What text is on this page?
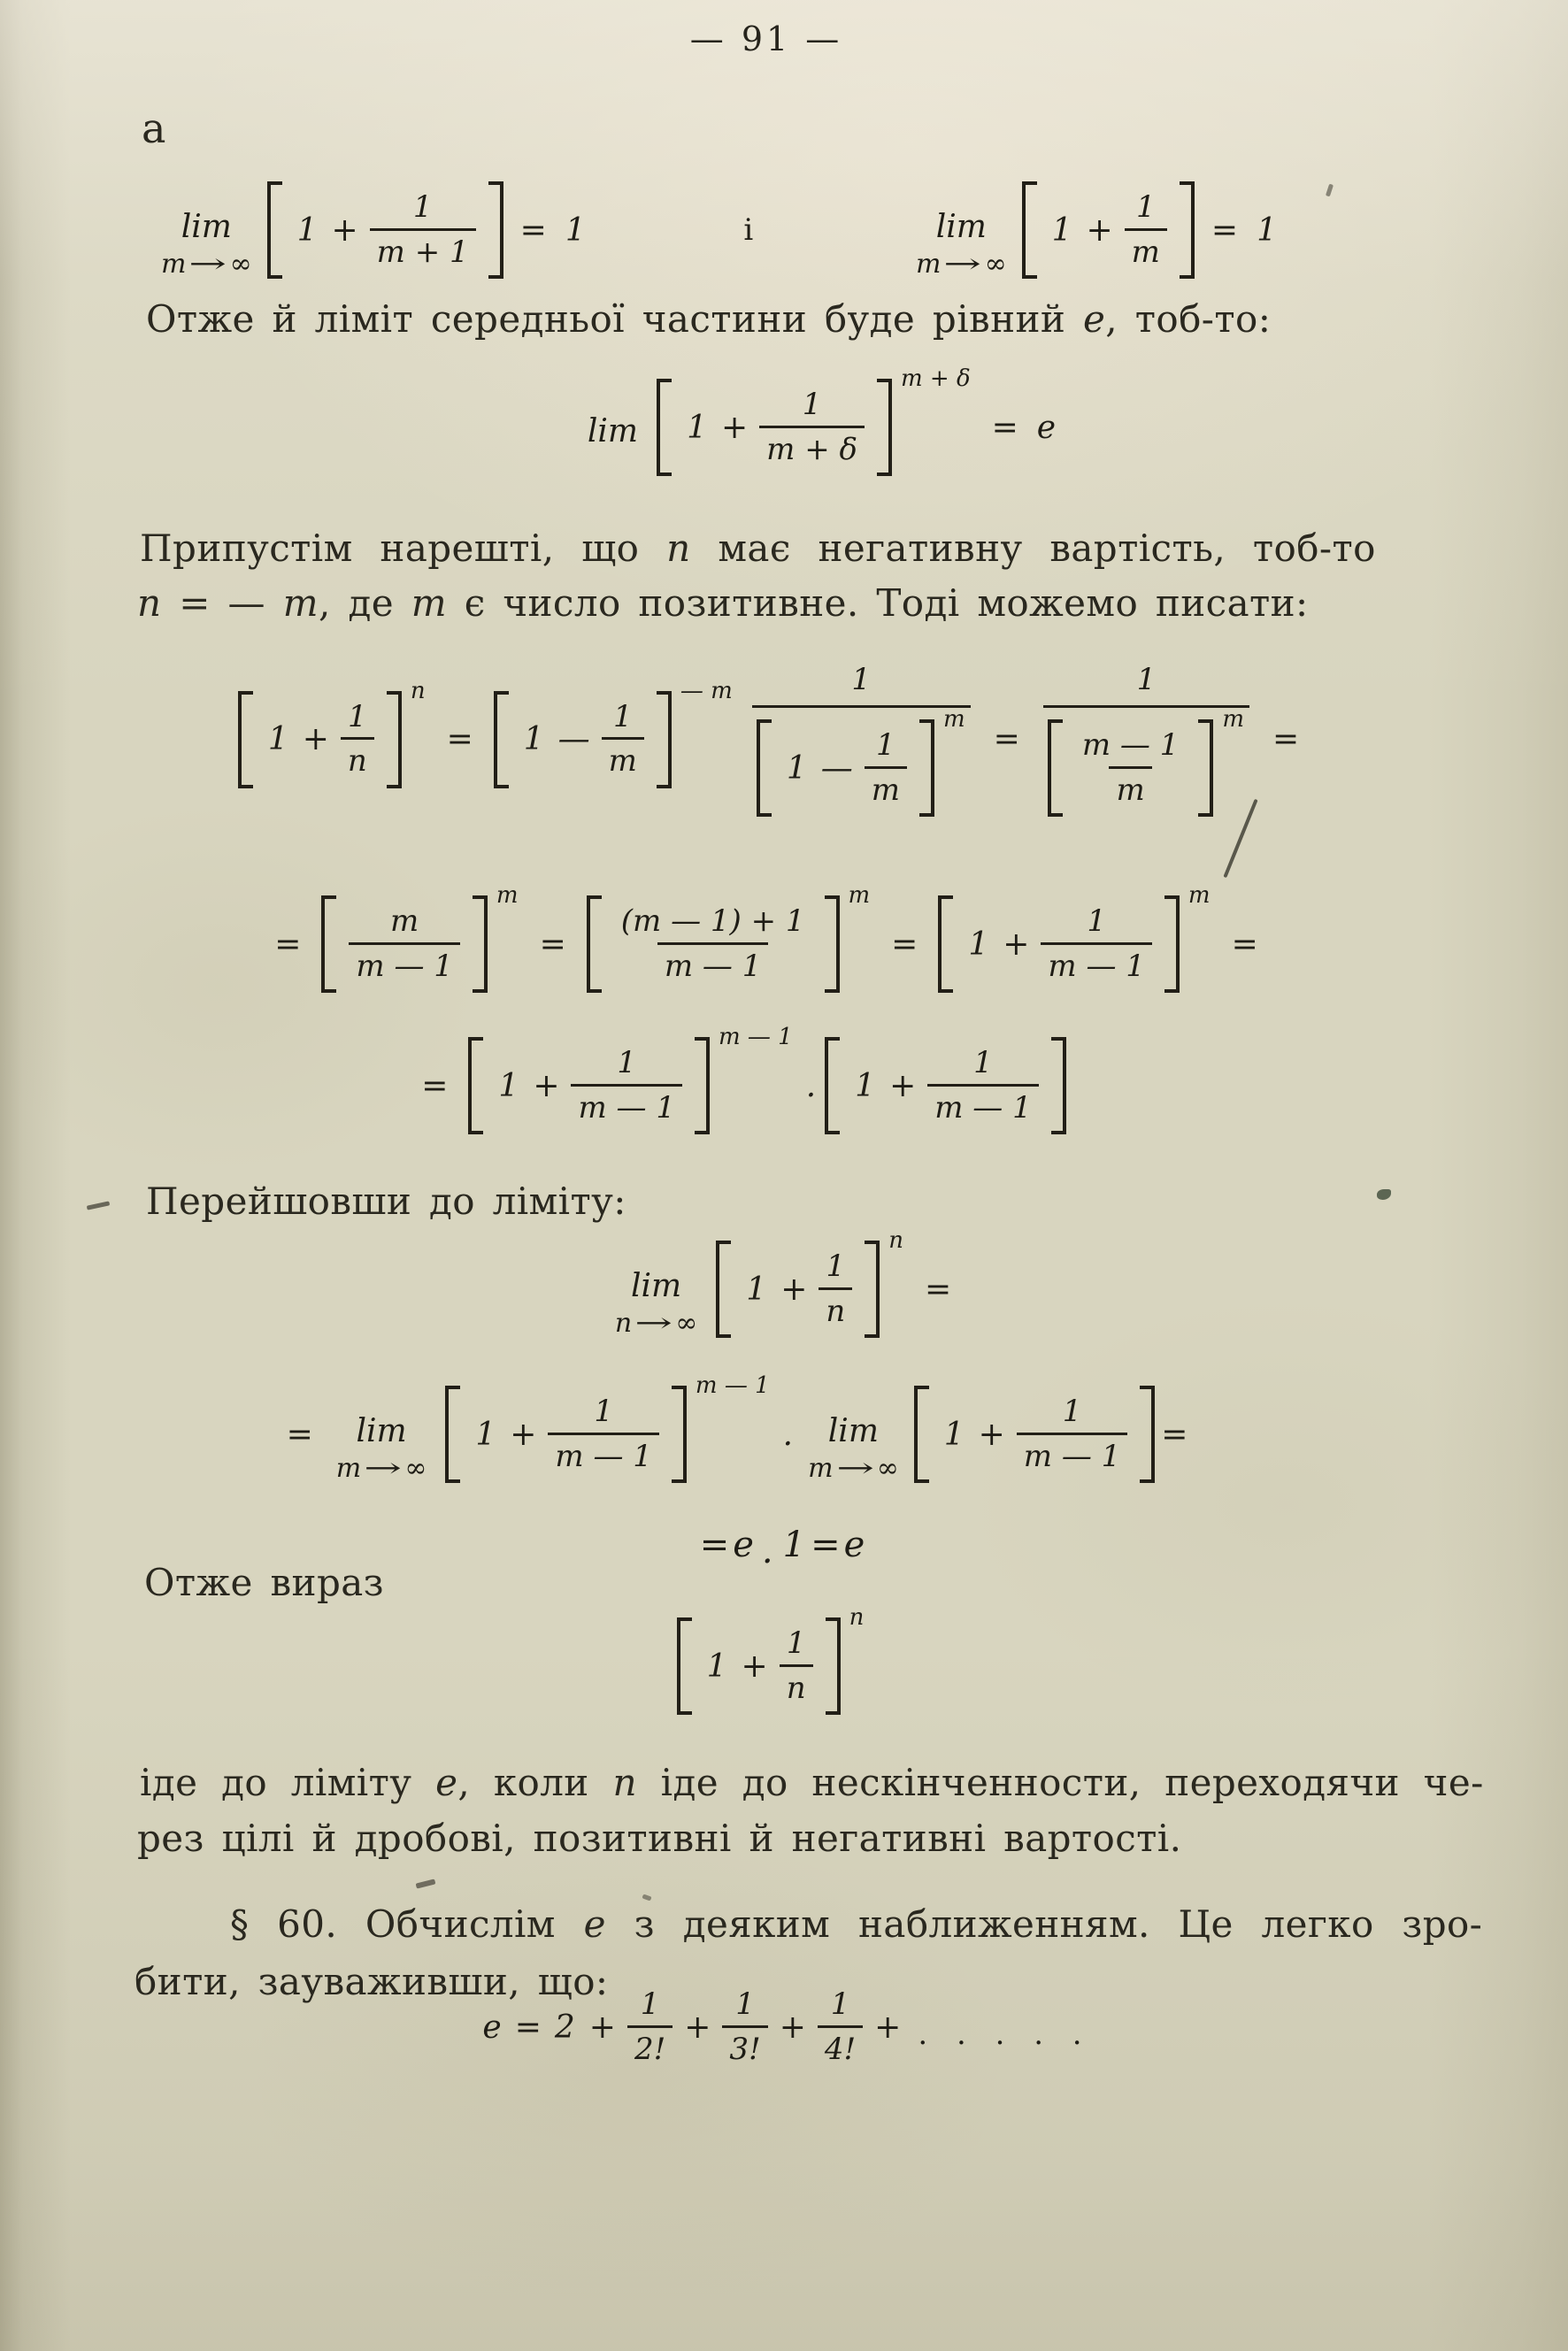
— 91 —
а
lim
m → ∞
$1 + \frac{1}{m + 1} = 1$	і	lim
m → ∞
$1 + \frac{1}{m} = 1$
Отже й ліміт середньої частини буде рівний е, тоб-то:
$\lim 1 + \frac{1}{m + \delta}$
m + δ
= e
Припустім нарешті, що n має негативну вартість, тоб-то
n = — m, де m є число позитивне. Тоді можемо писати:
$1 + \frac{1}{n}$
n
= 1 — $\frac{1}{m}$
— m	1
1 — $\frac{1}{m}$
m
= 1
$\frac{m — 1}{m}$
m =
= $\frac{m}{m — 1}$
m
= $\frac{(m — 1) + 1}{m — 1}$
m
= $1 + \frac{1}{m — 1}$
m
=
= $1 + \frac{1}{m — 1}$
m — 1
· $1 + \frac{1}{m — 1}$
Перейшовши до ліміту:
lim
n → ∞
$1 + \frac{1}{n}$
n
=
= lim
m → ∞
$1 + \frac{1}{m — 1}$
m — 1
· lim
m → ∞
$1 + \frac{1}{m — 1}$ =
= e . 1 = e
Отже вираз
$1 + \frac{1}{n}$
n
іде до ліміту е, коли n іде до нескінченности, переходячи че-
рез цілі й дробові, позитивні й негативні вартості.
§ 60. Обчислім е з деяким наближенням. Це легко зро-
бити, зауваживши, що:
$e = 2 + \frac{1}{2!} + \frac{1}{3!} + \frac{1}{4!}$ + . . . . .
